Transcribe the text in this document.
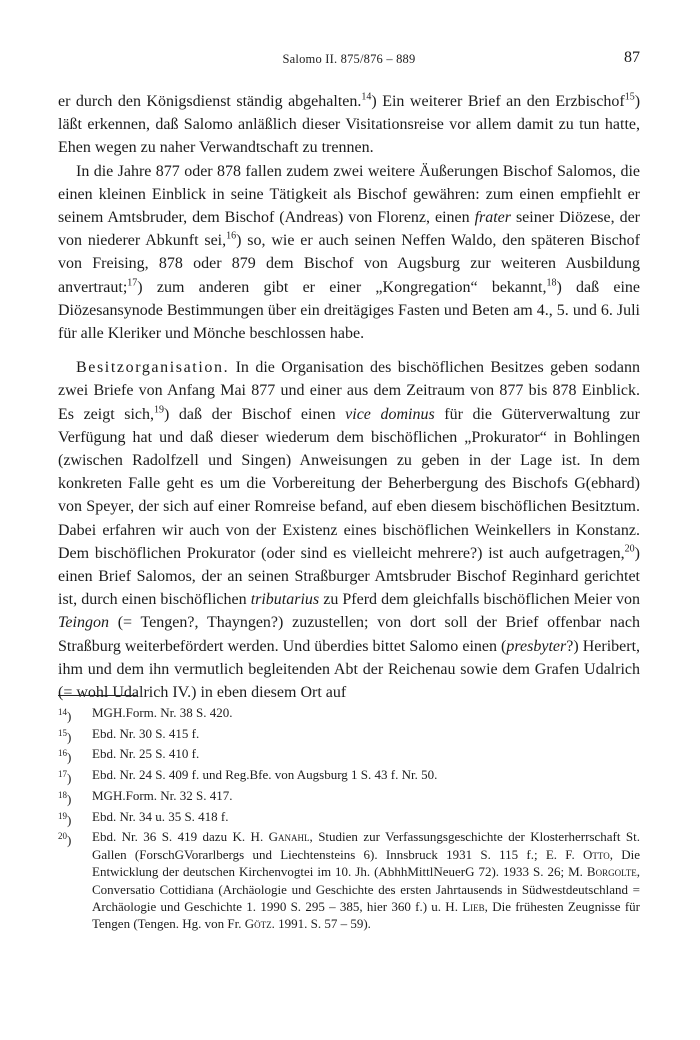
Salomo II. 875/876 – 889	87

er durch den Königsdienst ständig abgehalten.$^{14}$) Ein weiterer Brief an den Erzbischof$^{15}$) läßt erkennen, daß Salomo anläßlich dieser Visitationsreise vor allem damit zu tun hatte, Ehen wegen zu naher Verwandtschaft zu trennen.

In die Jahre 877 oder 878 fallen zudem zwei weitere Äußerungen Bischof Salomos, die einen kleinen Einblick in seine Tätigkeit als Bischof gewähren: zum einen empfiehlt er seinem Amtsbruder, dem Bischof (Andreas) von Florenz, einen frater seiner Diözese, der von niederer Abkunft sei,$^{16}$) so, wie er auch seinen Neffen Waldo, den späteren Bischof von Freising, 878 oder 879 dem Bischof von Augsburg zur weiteren Ausbildung anvertraut;$^{17}$) zum anderen gibt er einer „Kongregation“ bekannt,$^{18}$) daß eine Diözesansynode Bestimmungen über ein dreitägiges Fasten und Beten am 4., 5. und 6. Juli für alle Kleriker und Mönche beschlossen habe.

Besitzorganisation. In die Organisation des bischöflichen Besitzes geben sodann zwei Briefe von Anfang Mai 877 und einer aus dem Zeitraum von 877 bis 878 Einblick. Es zeigt sich,$^{19}$) daß der Bischof einen vice dominus für die Güterverwaltung zur Verfügung hat und daß dieser wiederum dem bischöflichen „Prokurator“ in Bohlingen (zwischen Radolfzell und Singen) Anweisungen zu geben in der Lage ist. In dem konkreten Falle geht es um die Vorbereitung der Beherbergung des Bischofs G(ebhard) von Speyer, der sich auf einer Romreise befand, auf eben diesem bischöflichen Besitztum. Dabei erfahren wir auch von der Existenz eines bischöflichen Weinkellers in Konstanz. Dem bischöflichen Prokurator (oder sind es vielleicht mehrere?) ist auch aufgetragen,$^{20}$) einen Brief Salomos, der an seinen Straßburger Amtsbruder Bischof Reginhard gerichtet ist, durch einen bischöflichen tributarius zu Pferd dem gleichfalls bischöflichen Meier von Teingon (= Tengen?, Thayngen?) zuzustellen; von dort soll der Brief offenbar nach Straßburg weiterbefördert werden. Und überdies bittet Salomo einen (presbyter?) Heribert, ihm und dem ihn vermutlich begleitenden Abt der Reichenau sowie dem Grafen Udalrich (= wohl Udalrich IV.) in eben diesem Ort auf

$^{14}$)	MGH.Form. Nr. 38 S. 420.
$^{15}$)	Ebd. Nr. 30 S. 415 f.
$^{16}$)	Ebd. Nr. 25 S. 410 f.
$^{17}$)	Ebd. Nr. 24 S. 409 f. und Reg.Bfe. von Augsburg 1 S. 43 f. Nr. 50.
$^{18}$)	MGH.Form. Nr. 32 S. 417.
$^{19}$)	Ebd. Nr. 34 u. 35 S. 418 f.
$^{20}$)	Ebd. Nr. 36 S. 419 dazu K. H. Ganahl, Studien zur Verfassungsgeschichte der Klosterherrschaft St. Gallen (ForschGVorarlbergs und Liechtensteins 6). Innsbruck 1931 S. 115 f.; E. F. Otto, Die Entwicklung der deutschen Kirchenvogtei im 10. Jh. (AbhhMittlNeuerG 72). 1933 S. 26; M. Borgolte, Conversatio Cottidiana (Archäologie und Geschichte des ersten Jahrtausends in Südwestdeutschland = Archäologie und Geschichte 1. 1990 S. 295 – 385, hier 360 f.) u. H. Lieb, Die frühesten Zeugnisse für Tengen (Tengen. Hg. von Fr. Götz. 1991. S. 57 – 59).
